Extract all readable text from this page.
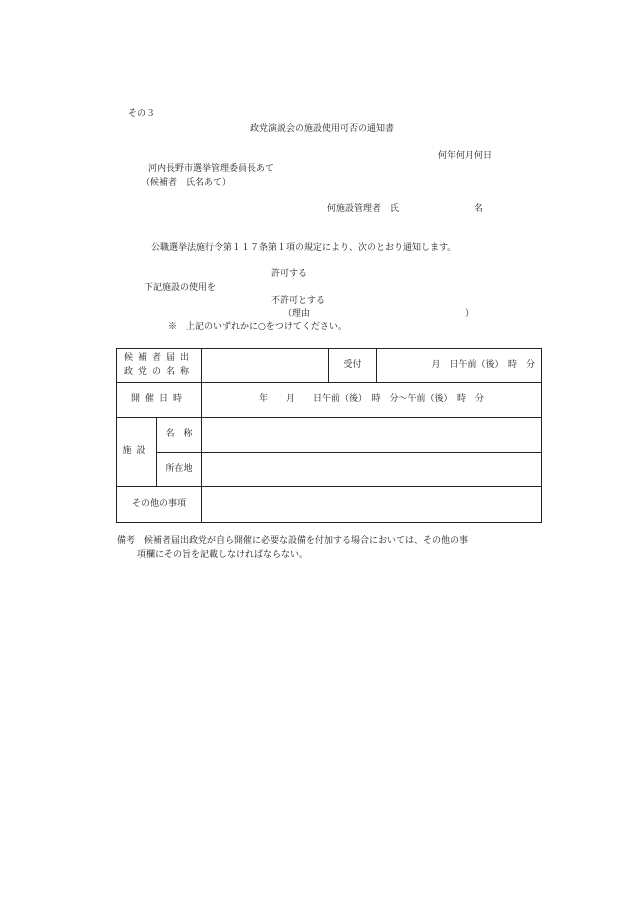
その３
政党演説会の施設使用可否の通知書
何年何月何日
河内長野市選挙管理委員長あて
（候補者　氏名あて）
何施設管理者　氏	名
公職選挙法施行令第１１７条第１項の規定により、次のとおり通知します。
許可する
下記施設の使用を
不許可とする
（理由	）
※　上記のいずれかに○をつけてください。
候補者届出
政党の名称			受付	月　日午前（後）　時　分
開催日時		年　　月　　日午前（後）　時　分～午前（後）　時　分		
施設	名　称			
	所在地			
その他の事項				
備考　候補者届出政党が自ら開催に必要な設備を付加する場合においては、その他の事
項欄にその旨を記載しなければならない。
